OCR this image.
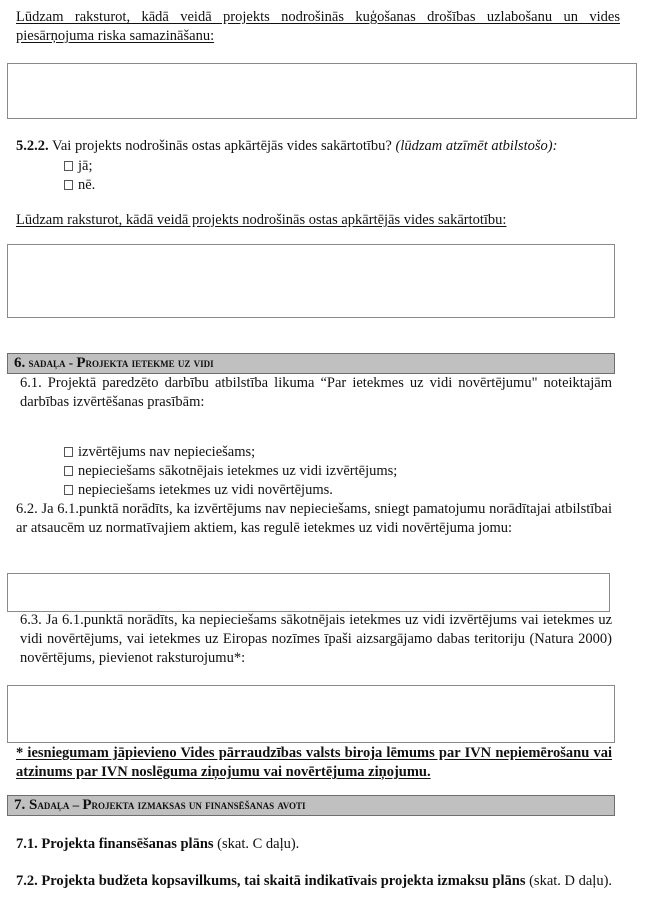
Lūdzam raksturot, kādā veidā projekts nodrošinās kuģošanas drošības uzlabošanu un vides piesārņojuma riska samazināšanu:
5.2.2. Vai projekts nodrošinās ostas apkārtējās vides sakārtotību? (lūdzam atzīmēt atbilstošo):
jā;
nē.
Lūdzam raksturot, kādā veidā projekts nodrošinās ostas apkārtējās vides sakārtotību:
6. sadaļa - Projekta ietekme uz vidi
6.1. Projektā paredzēto darbību atbilstība likuma “Par ietekmes uz vidi novērtējumu" noteiktajām darbības izvērtēšanas prasībām:
izvērtējums nav nepieciešams;
nepieciešams sākotnējais ietekmes uz vidi izvērtējums;
nepieciešams ietekmes uz vidi novērtējums.
6.2. Ja 6.1.punktā norādīts, ka izvērtējums nav nepieciešams, sniegt pamatojumu norādītajai atbilstībai ar atsaucēm uz normatīvajiem aktiem, kas regulē ietekmes uz vidi novērtējuma jomu:
6.3. Ja 6.1.punktā norādīts, ka nepieciešams sākotnējais ietekmes uz vidi izvērtējums vai ietekmes uz vidi novērtējums, vai ietekmes uz Eiropas nozīmes īpaši aizsargājamo dabas teritoriju (Natura 2000) novērtējums, pievienot raksturojumu*:
* iesniegumam jāpievieno Vides pārraudzības valsts biroja lēmums par IVN nepiemērošanu vai atzinums par IVN noslēguma ziņojumu vai novērtējuma ziņojumu.
7. Sadaļa – Projekta izmaksas un finansēšanas avoti
7.1. Projekta finansēšanas plāns (skat. C daļu).
7.2. Projekta budžeta kopsavilkums, tai skaitā indikatīvais projekta izmaksu plāns (skat. D daļu).
